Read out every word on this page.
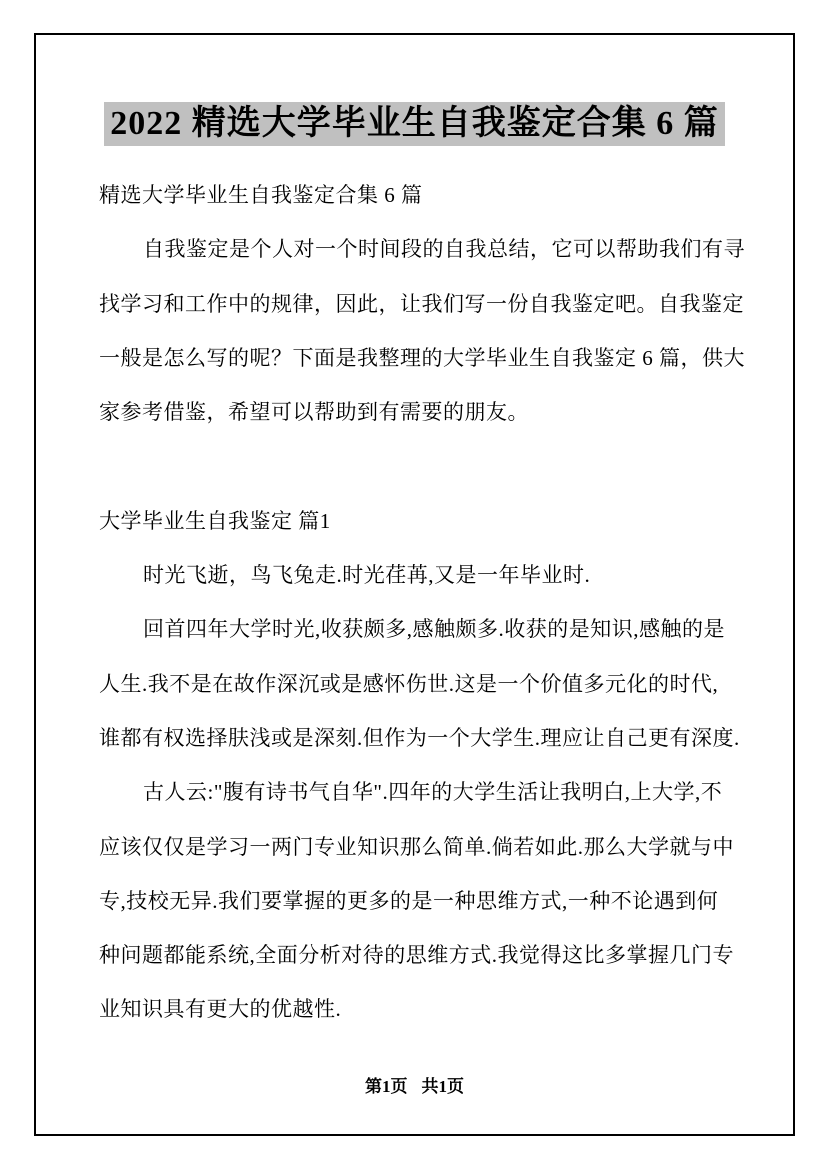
2022 精选大学毕业生自我鉴定合集 6 篇
精选大学毕业生自我鉴定合集 6 篇
自我鉴定是个人对一个时间段的自我总结，它可以帮助我们有寻
找学习和工作中的规律，因此，让我们写一份自我鉴定吧。自我鉴定
一般是怎么写的呢？下面是我整理的大学毕业生自我鉴定 6 篇，供大
家参考借鉴，希望可以帮助到有需要的朋友。

大学毕业生自我鉴定 篇1
时光飞逝，鸟飞兔走.时光荏苒,又是一年毕业时.
回首四年大学时光,收获颇多,感触颇多.收获的是知识,感触的是
人生.我不是在故作深沉或是感怀伤世.这是一个价值多元化的时代,
谁都有权选择肤浅或是深刻.但作为一个大学生.理应让自己更有深度.
古人云:"腹有诗书气自华".四年的大学生活让我明白,上大学,不
应该仅仅是学习一两门专业知识那么简单.倘若如此.那么大学就与中
专,技校无异.我们要掌握的更多的是一种思维方式,一种不论遇到何
种问题都能系统,全面分析对待的思维方式.我觉得这比多掌握几门专
业知识具有更大的优越性.
第1页 共1页
